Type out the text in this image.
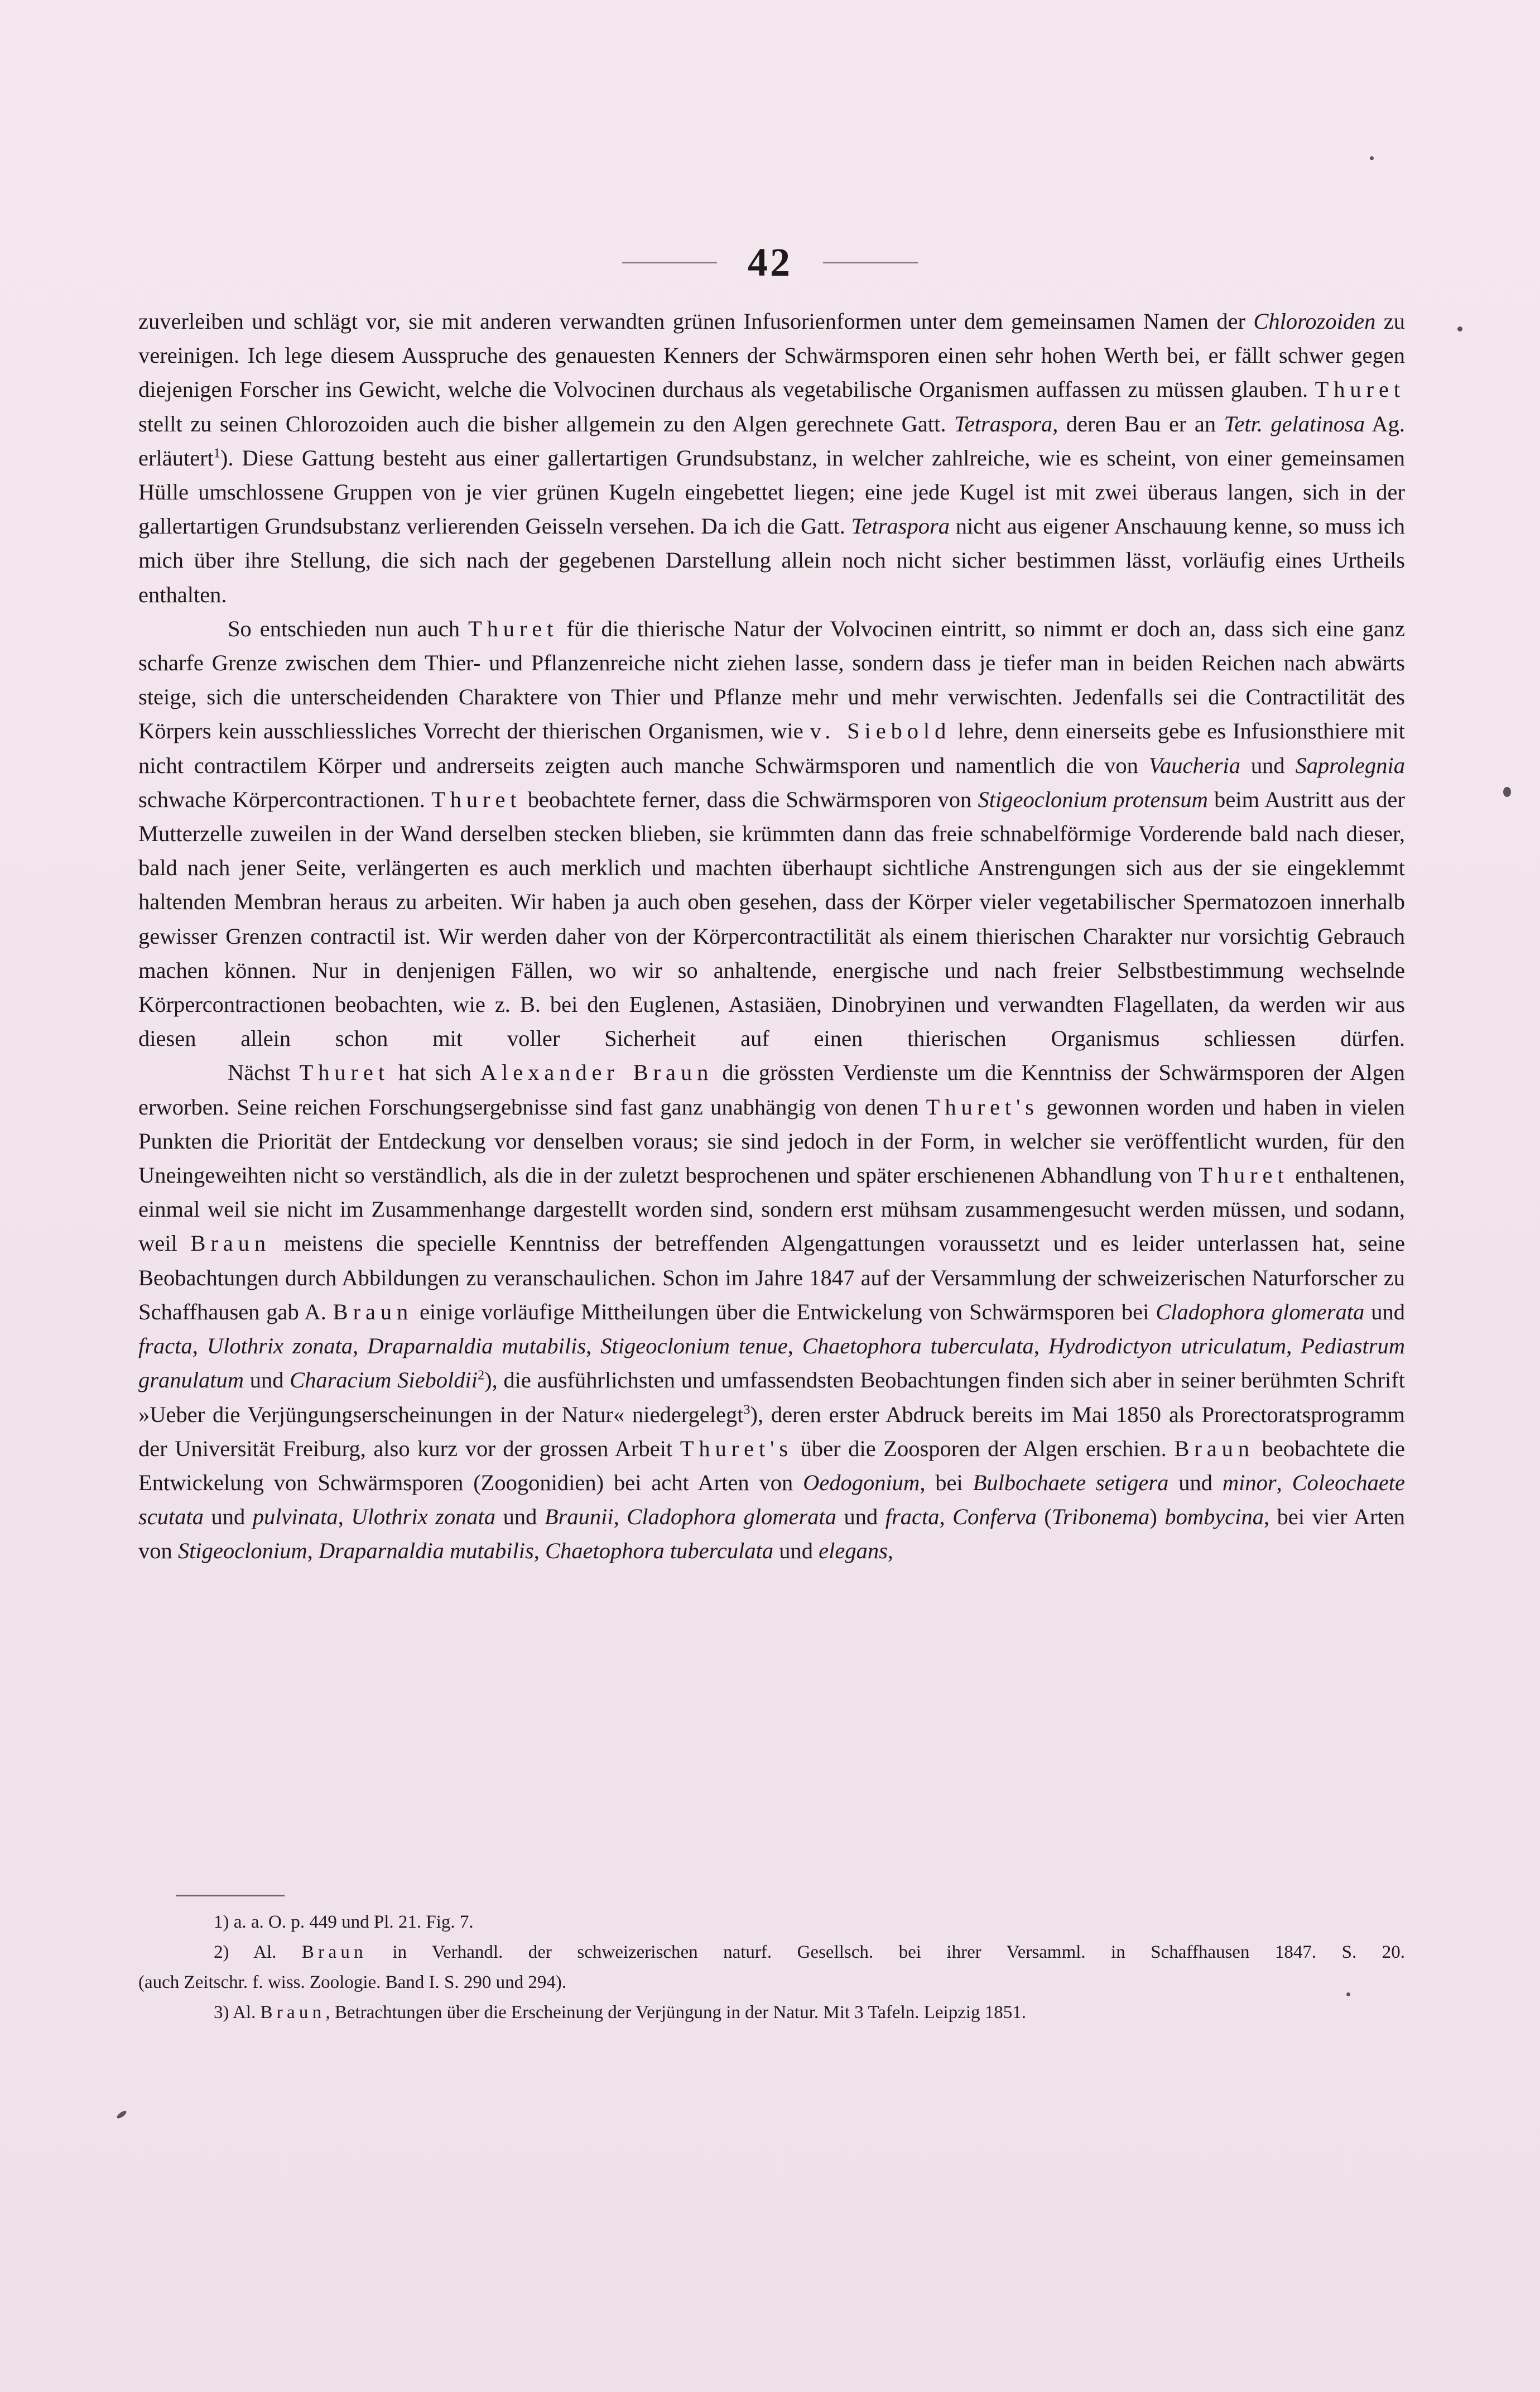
42

zuverleiben und schlägt vor, sie mit anderen verwandten grünen Infusorienformen unter dem gemeinsamen Namen der Chlorozoiden zu vereinigen. Ich lege diesem Ausspruche des genauesten Kenners der Schwärmsporen einen sehr hohen Werth bei, er fällt schwer gegen diejenigen Forscher ins Gewicht, welche die Volvocinen durchaus als vegetabilische Organismen auffassen zu müssen glauben. Thuret stellt zu seinen Chlorozoiden auch die bisher allgemein zu den Algen gerechnete Gatt. Tetraspora, deren Bau er an Tetr. gelatinosa Ag. erläutert$^1$). Diese Gattung besteht aus einer gallertartigen Grundsubstanz, in welcher zahlreiche, wie es scheint, von einer gemeinsamen Hülle umschlossene Gruppen von je vier grünen Kugeln eingebettet liegen; eine jede Kugel ist mit zwei überaus langen, sich in der gallertartigen Grundsubstanz verlierenden Geisseln versehen. Da ich die Gatt. Tetraspora nicht aus eigener Anschauung kenne, so muss ich mich über ihre Stellung, die sich nach der gegebenen Darstellung allein noch nicht sicher bestimmen lässt, vorläufig eines Urtheils enthalten.

So entschieden nun auch Thuret für die thierische Natur der Volvocinen eintritt, so nimmt er doch an, dass sich eine ganz scharfe Grenze zwischen dem Thier- und Pflanzenreiche nicht ziehen lasse, sondern dass je tiefer man in beiden Reichen nach abwärts steige, sich die unterscheidenden Charaktere von Thier und Pflanze mehr und mehr verwischten. Jedenfalls sei die Contractilität des Körpers kein ausschliessliches Vorrecht der thierischen Organismen, wie v. Siebold lehre, denn einerseits gebe es Infusionsthiere mit nicht contractilem Körper und andrerseits zeigten auch manche Schwärmsporen und namentlich die von Vaucheria und Saprolegnia schwache Körpercontractionen. Thuret beobachtete ferner, dass die Schwärmsporen von Stigeoclonium protensum beim Austritt aus der Mutterzelle zuweilen in der Wand derselben stecken blieben, sie krümmten dann das freie schnabelförmige Vorderende bald nach dieser, bald nach jener Seite, verlängerten es auch merklich und machten überhaupt sichtliche Anstrengungen sich aus der sie eingeklemmt haltenden Membran heraus zu arbeiten. Wir haben ja auch oben gesehen, dass der Körper vieler vegetabilischer Spermatozoen innerhalb gewisser Grenzen contractil ist. Wir werden daher von der Körpercontractilität als einem thierischen Charakter nur vorsichtig Gebrauch machen können. Nur in denjenigen Fällen, wo wir so anhaltende, energische und nach freier Selbstbestimmung wechselnde Körpercontractionen beobachten, wie z. B. bei den Euglenen, Astasiäen, Dinobryinen und verwandten Flagellaten, da werden wir aus diesen allein schon mit voller Sicherheit auf einen thierischen Organismus schliessen dürfen.

Nächst Thuret hat sich Alexander Braun die grössten Verdienste um die Kenntniss der Schwärmsporen der Algen erworben. Seine reichen Forschungsergebnisse sind fast ganz unabhängig von denen Thuret's gewonnen worden und haben in vielen Punkten die Priorität der Entdeckung vor denselben voraus; sie sind jedoch in der Form, in welcher sie veröffentlicht wurden, für den Uneingeweihten nicht so verständlich, als die in der zuletzt besprochenen und später erschienenen Abhandlung von Thuret enthaltenen, einmal weil sie nicht im Zusammenhange dargestellt worden sind, sondern erst mühsam zusammengesucht werden müssen, und sodann, weil Braun meistens die specielle Kenntniss der betreffenden Algengattungen voraussetzt und es leider unterlassen hat, seine Beobachtungen durch Abbildungen zu veranschaulichen. Schon im Jahre 1847 auf der Versammlung der schweizerischen Naturforscher zu Schaffhausen gab A. Braun einige vorläufige Mittheilungen über die Entwickelung von Schwärmsporen bei Cladophora glomerata und fracta, Ulothrix zonata, Draparnaldia mutabilis, Stigeoclonium tenue, Chaetophora tuberculata, Hydrodictyon utriculatum, Pediastrum granulatum und Characium Sieboldii$^2$), die ausführlichsten und umfassendsten Beobachtungen finden sich aber in seiner berühmten Schrift »Ueber die Verjüngungserscheinungen in der Natur« niedergelegt$^3$), deren erster Abdruck bereits im Mai 1850 als Prorectoratsprogramm der Universität Freiburg, also kurz vor der grossen Arbeit Thuret's über die Zoosporen der Algen erschien. Braun beobachtete die Entwickelung von Schwärmsporen (Zoogonidien) bei acht Arten von Oedogonium, bei Bulbochaete setigera und minor, Coleochaete scutata und pulvinata, Ulothrix zonata und Braunii, Cladophora glomerata und fracta, Conferva (Tribonema) bombycina, bei vier Arten von Stigeoclonium, Draparnaldia mutabilis, Chaetophora tuberculata und elegans,

1) a. a. O. p. 449 und Pl. 21. Fig. 7.

2) Al. Braun in Verhandl. der schweizerischen naturf. Gesellsch. bei ihrer Versamml. in Schaffhausen 1847. S. 20.

(auch Zeitschr. f. wiss. Zoologie. Band I. S. 290 und 294).

3) Al. Braun, Betrachtungen über die Erscheinung der Verjüngung in der Natur. Mit 3 Tafeln. Leipzig 1851.
